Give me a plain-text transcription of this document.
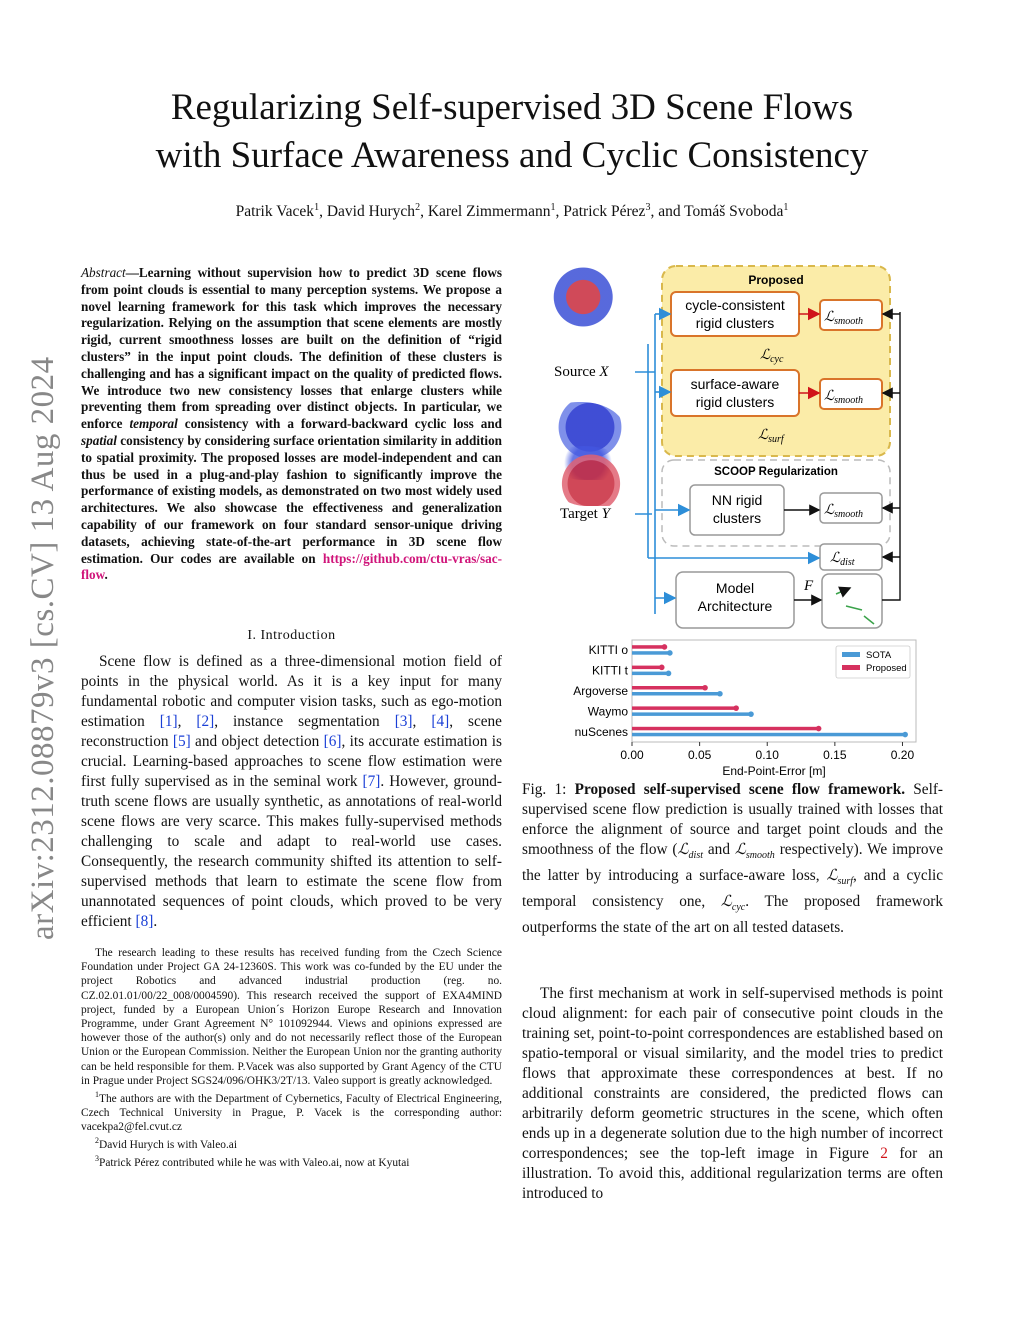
arXiv:2312.08879v3 [cs.CV] 13 Aug 2024
Regularizing Self-supervised 3D Scene Flows
with Surface Awareness and Cyclic Consistency
Patrik Vacek$^1$, David Hurych$^2$, Karel Zimmermann$^1$, Patrick Pérez$^3$, and Tomáš Svoboda$^1$
Abstract—Learning without supervision how to predict 3D scene flows from point clouds is essential to many perception systems. We propose a novel learning framework for this task which improves the necessary regularization. Relying on the assumption that scene elements are mostly rigid, current smoothness losses are built on the definition of “rigid clusters” in the input point clouds. The definition of these clusters is challenging and has a significant impact on the quality of predicted flows. We introduce two new consistency losses that enlarge clusters while preventing them from spreading over distinct objects. In particular, we enforce temporal consistency with a forward-backward cyclic loss and spatial consistency by considering surface orientation similarity in addition to spatial proximity. The proposed losses are model-independent and can thus be used in a plug-and-play fashion to significantly improve the performance of existing models, as demonstrated on two most widely used architectures. We also showcase the effectiveness and generalization capability of our framework on four standard sensor-unique driving datasets, achieving state-of-the-art performance in 3D scene flow estimation. Our codes are available on https://github.com/ctu-vras/sac-flow.
I. Introduction

Scene flow is defined as a three-dimensional motion field of points in the physical world. As it is a key input for many fundamental robotic and computer vision tasks, such as ego-motion estimation [1], [2], instance segmentation [3], [4], scene reconstruction [5] and object detection [6], its accurate estimation is crucial. Learning-based approaches to scene flow estimation were first fully supervised as in the seminal work [7]. However, ground-truth scene flows are usually synthetic, as annotations of real-world scene flows are very scarce. This makes fully-supervised methods challenging to scale and adapt to real-world use cases. Consequently, the research community shifted its attention to self-supervised methods that learn to estimate the scene flow from unannotated sequences of point clouds, which proved to be very efficient [8].

The research leading to these results has received funding from the Czech Science Foundation under Project GA 24-12360S. This work was co-funded by the EU under the project Robotics and advanced industrial production (reg. no. CZ.02.01.01/00/22_008/0004590). This research received the support of EXA4MIND project, funded by a European Union´s Horizon Europe Research and Innovation Programme, under Grant Agreement N° 101092944. Views and opinions expressed are however those of the author(s) only and do not necessarily reflect those of the European Union or the European Commission. Neither the European Union nor the granting authority can be held responsible for them. P.Vacek was also supported by Grant Agency of the CTU in Prague under Project SGS24/096/OHK3/2T/13. Valeo support is greatly acknowledged.

$^1$The authors are with the Department of Cybernetics, Faculty of Electrical Engineering, Czech Technical University in Prague, P. Vacek is the corresponding author: vacekpa2@fel.cvut.cz

$^2$David Hurych is with Valeo.ai

$^3$Patrick Pérez contributed while he was with Valeo.ai, now at Kyutai

Proposed
cycle-consistent
rigid clusters
surface-aware
rigid clusters
SCOOP Regularization
NN rigid
clusters
Model
Architecture
Source X
Target Y
ℒ$_{smooth}$
ℒ$_{smooth}$
ℒ$_{smooth}$
ℒ$_{cyc}$
ℒ$_{surf}$
ℒ$_{dist}$
F
KITTI o
KITTI t
Argoverse
Waymo
nuScenes
0.00	0.05	0.10	0.15	0.20
End-Point-Error [m]
SOTA
Proposed

Fig. 1: Proposed self-supervised scene flow framework. Self-supervised scene flow prediction is usually trained with losses that enforce the alignment of source and target point clouds and the smoothness of the flow (ℒ$_{dist}$ and ℒ$_{smooth}$ respectively). We improve the latter by introducing a surface-aware loss, ℒ$_{surf}$, and a cyclic temporal consistency one, ℒ$_{cyc}$. The proposed framework outperforms the state of the art on all tested datasets.

The first mechanism at work in self-supervised methods is point cloud alignment: for each pair of consecutive point clouds in the training set, point-to-point correspondences are established based on spatio-temporal or visual similarity, and the model tries to predict flows that approximate these correspondences at best. If no additional constraints are considered, the predicted flows can arbitrarily deform geometric structures in the scene, which often ends up in a degenerate solution due to the high number of incorrect correspondences; see the top-left image in Figure 2 for an illustration. To avoid this, additional regularization terms are often introduced to
